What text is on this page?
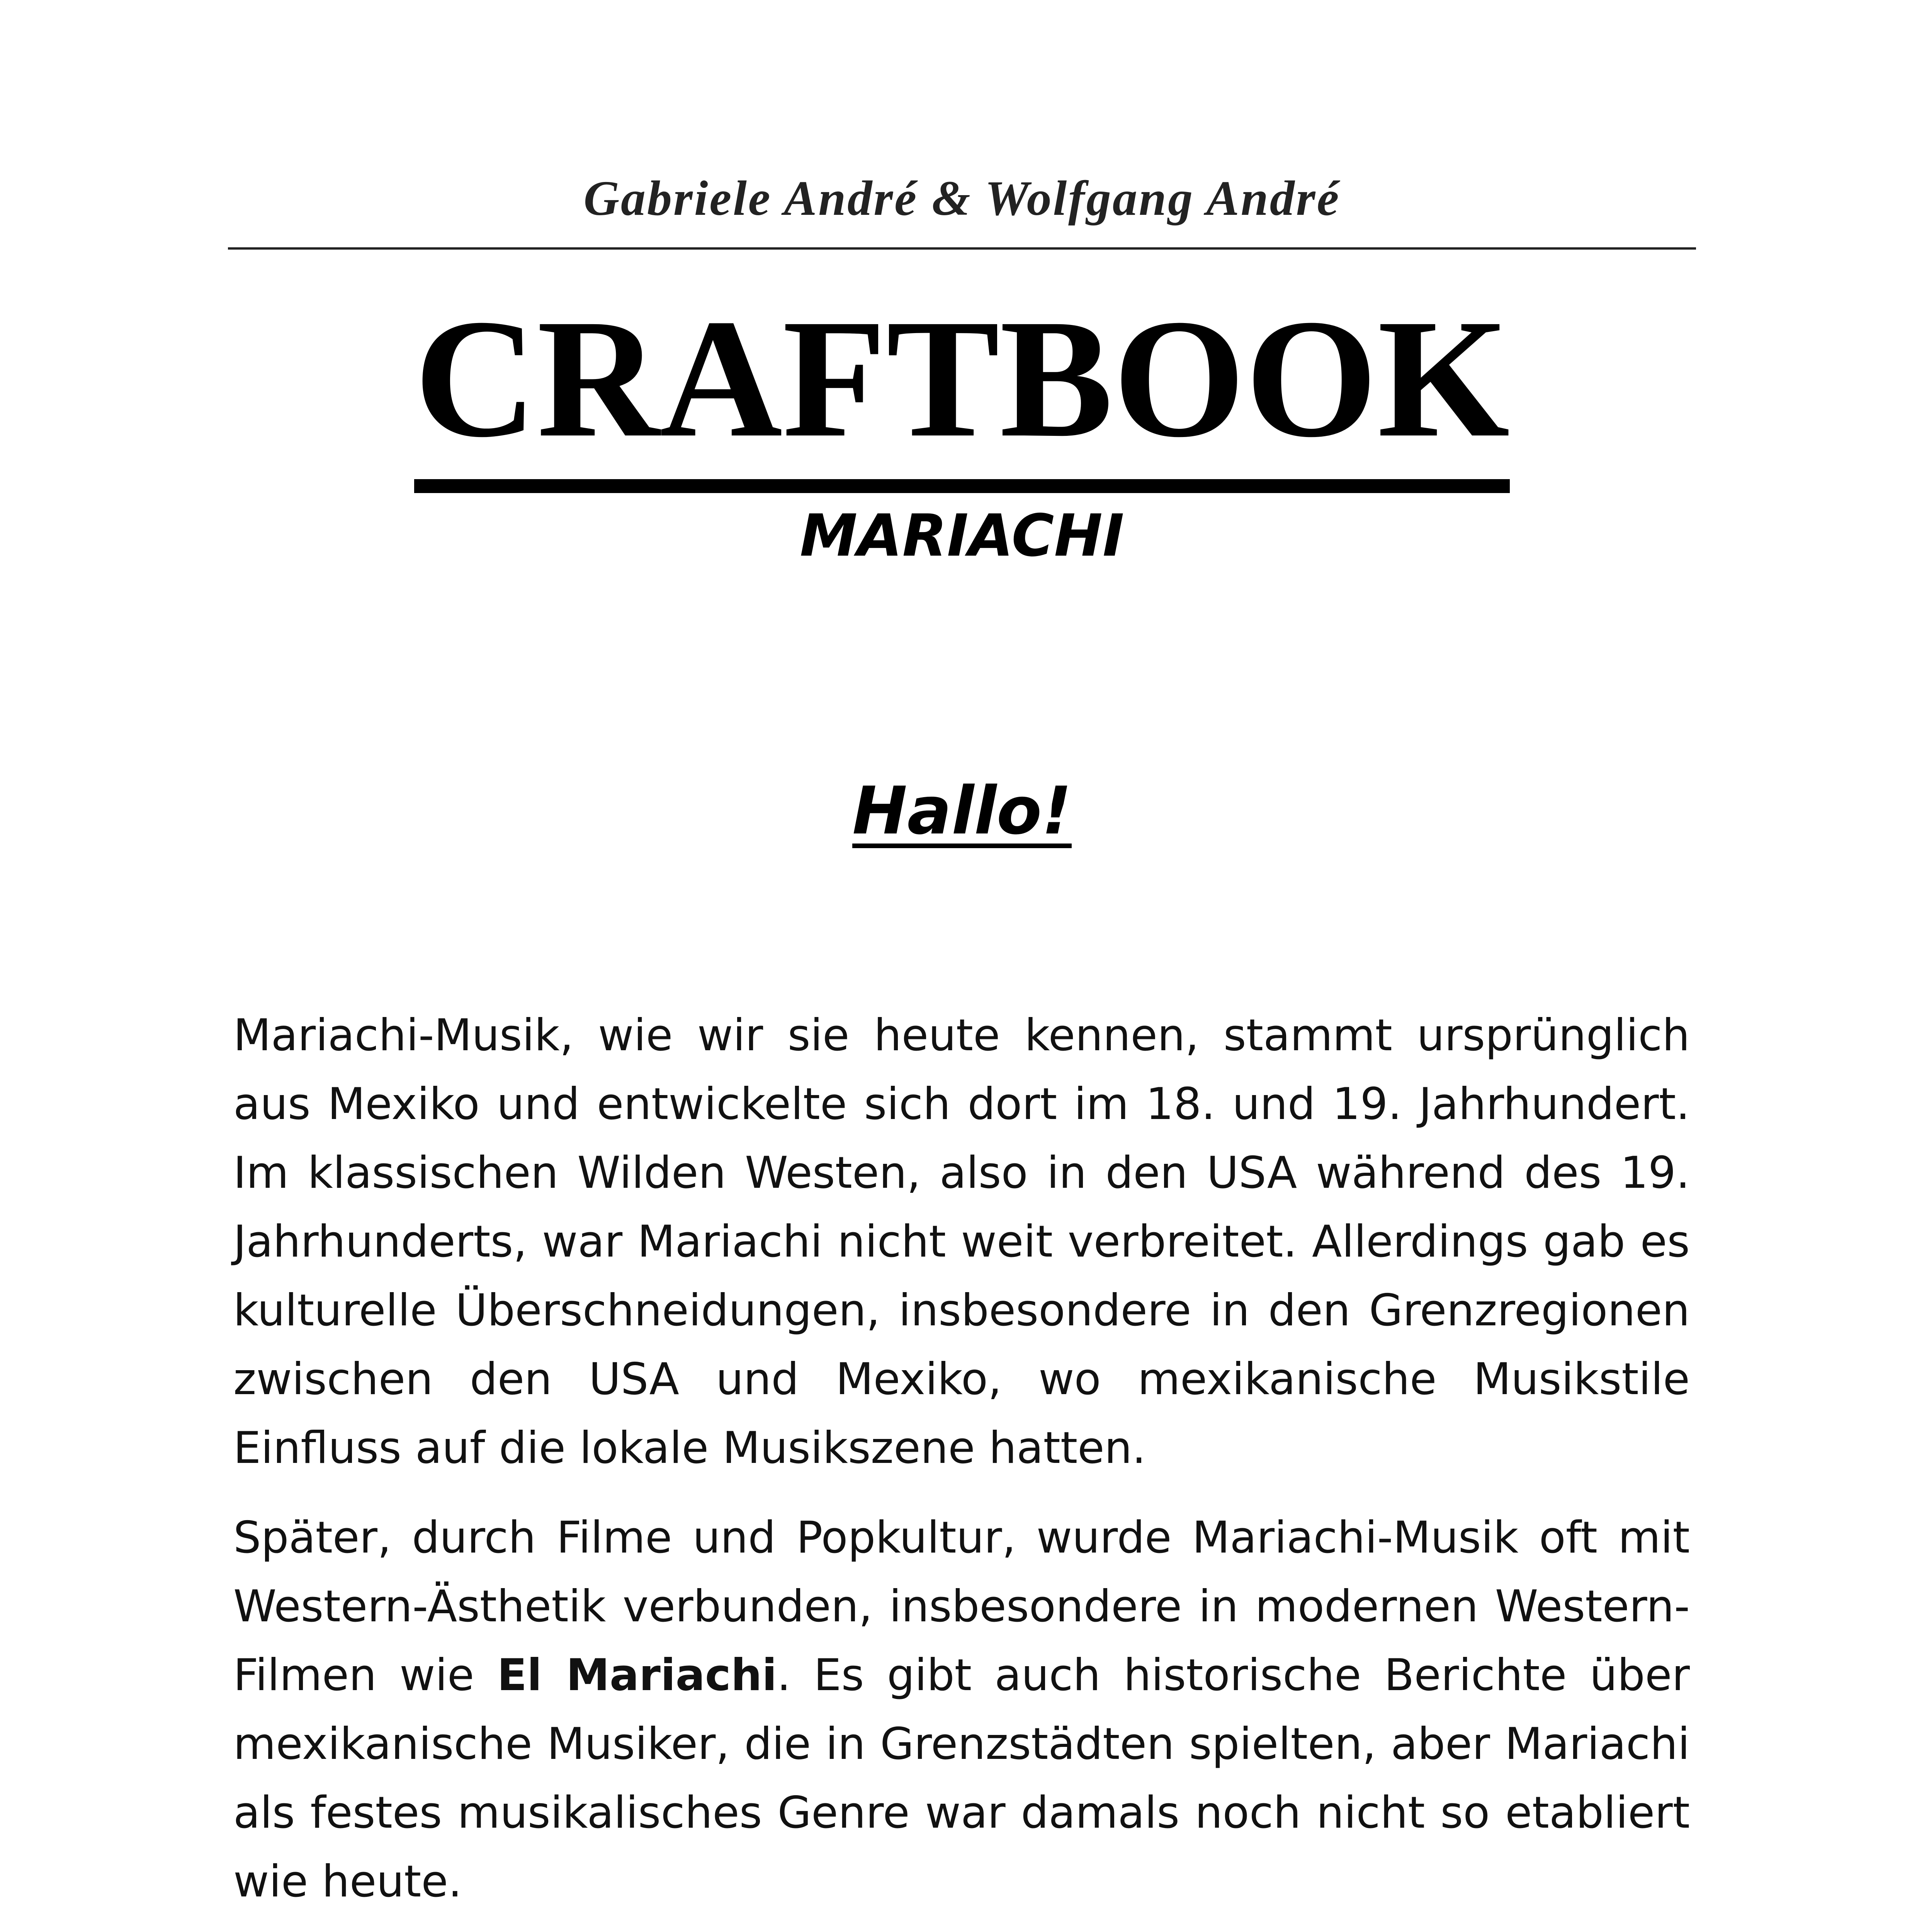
Gabriele André & Wolfgang André
CRAFTBOOK
MARIACHI
Hallo!

Mariachi-Musik, wie wir sie heute kennen, stammt ursprünglich aus Mexiko und entwickelte sich dort im 18. und 19. Jahrhundert. Im klassischen Wilden Westen, also in den USA während des 19. Jahrhunderts, war Mariachi nicht weit verbreitet. Allerdings gab es kulturelle Überschneidungen, insbesondere in den Grenzregionen zwischen den USA und Mexiko, wo mexikanische Musikstile Einfluss auf die lokale Musikszene hatten.

Später, durch Filme und Popkultur, wurde Mariachi-Musik oft mit Western-Ästhetik verbunden, insbesondere in modernen Western-Filmen wie El Mariachi. Es gibt auch historische Berichte über mexikanische Musiker, die in Grenzstädten spielten, aber Mariachi als festes musikalisches Genre war damals noch nicht so etabliert wie heute.
